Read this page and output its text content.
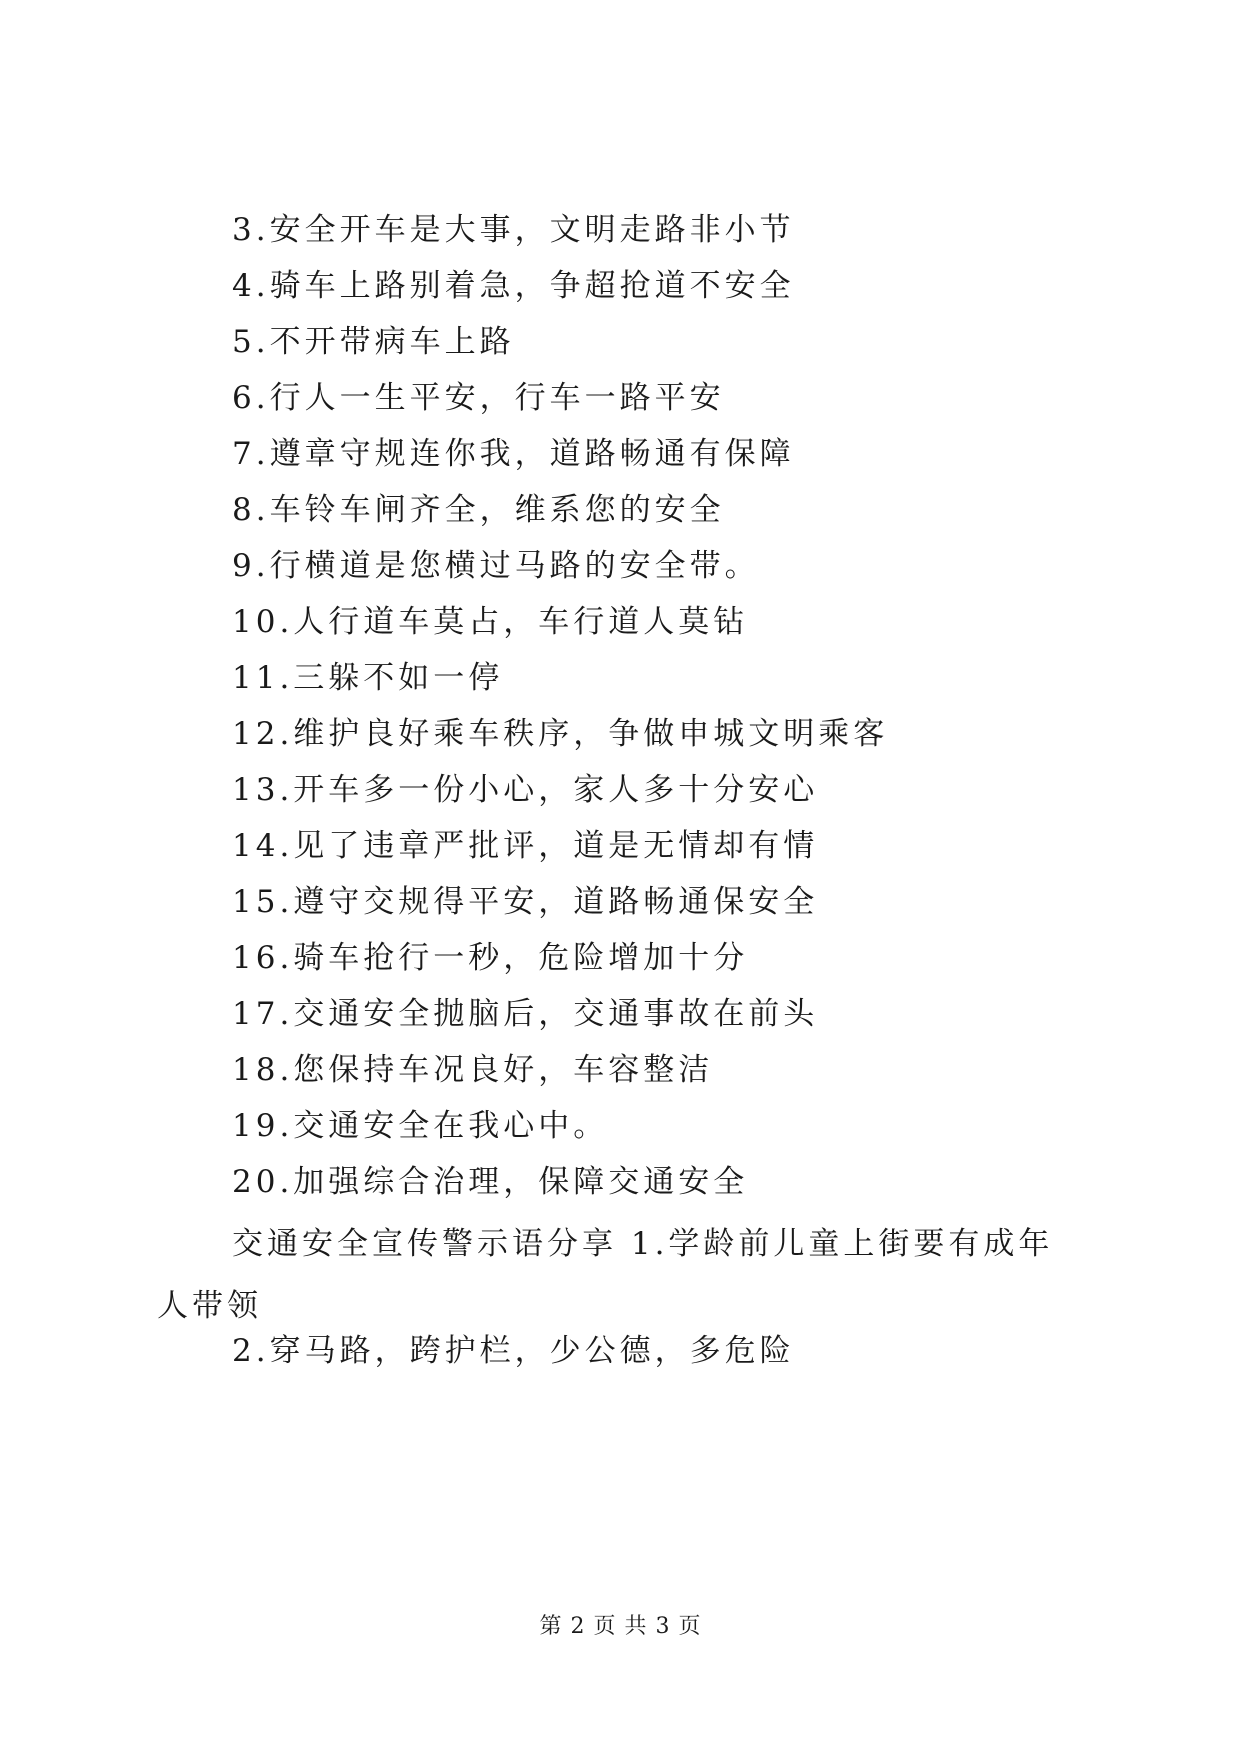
3.安全开车是大事，文明走路非小节
4.骑车上路别着急，争超抢道不安全
5.不开带病车上路
6.行人一生平安，行车一路平安
7.遵章守规连你我，道路畅通有保障
8.车铃车闸齐全，维系您的安全
9.行横道是您横过马路的安全带。
10.人行道车莫占，车行道人莫钻
11.三躲不如一停
12.维护良好乘车秩序，争做申城文明乘客
13.开车多一份小心，家人多十分安心
14.见了违章严批评，道是无情却有情
15.遵守交规得平安，道路畅通保安全
16.骑车抢行一秒，危险增加十分
17.交通安全抛脑后，交通事故在前头
18.您保持车况良好，车容整洁
19.交通安全在我心中。
20.加强综合治理，保障交通安全
交通安全宣传警示语分享 1.学龄前儿童上街要有成年人带领
2.穿马路，跨护栏，少公德，多危险
第 2 页 共 3 页
